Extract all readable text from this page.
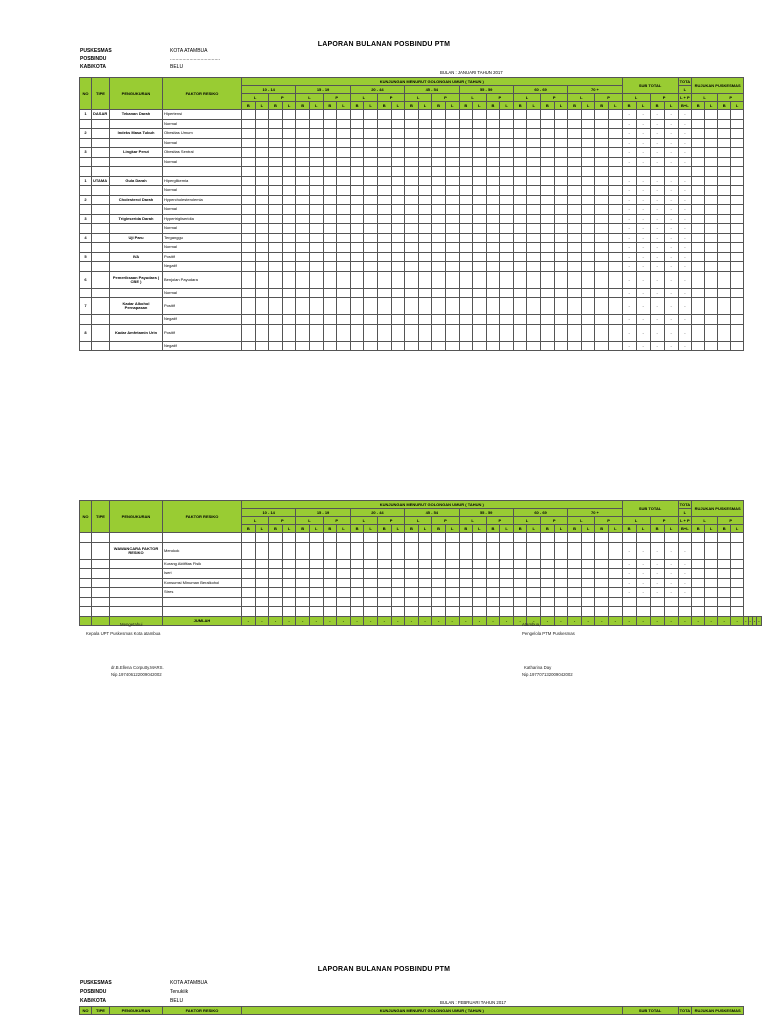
LAPORAN BULANAN POSBINDU PTM
PUSKESMAS	KOTA ATAMBUA
POSBINDU	....................................
KAB/KOTA	BELU
BULAN : JANUARI TAHUN 2017
NO	TIPE	PENGUKURAN	FAKTOR RESIKO	KUNJUNGAN MENURUT GOLONGAN UMUR ( TAHUN )																												SUB TOTAL				TOTA	RUJUKAN PUSKESMAS			
				10 - 14				15 - 19				20 - 44				45 - 54				55 - 59				60 - 69				70 +								L				
				L		P		L		P		L		P		L		P		L		P		L		P		L		P		L		P		L + P	L		P	
				B	L	B	L	B	L	B	L	B	L	B	L	B	L	B	L	B	L	B	L	B	L	B	L	B	L	B	L	B	L	B	L	B+L	B	L	B	L
1	DASAR	Tekanan Darah	Hipertensi																													-	-	-	-	-				
			Normal																													-	-	-	-	-				
2		Indeks Masa Tubuh	Obesitas Umum																													-	-	-	-	-				
			Normal																													-	-	-	-	-				
3		Lingkar Perut	Obesitas Sentral																													-	-	-	-	-				
			Normal																													-	-	-	-	-				

1	UTAMA	Gula Darah	Hiperglikemia																													-	-	-	-	-				
			Normal																													-	-	-	-	-				
2		Cholesterol Darah	Hypercholesterolemia																													-	-	-	-	-				
			Normal																													-	-	-	-	-				
3		Trigleserida Darah	Hypertrigliseridia																													-	-	-	-	-				
			Normal																													-	-	-	-	-				
4		Uji Paru	Terganggu																													-	-	-	-	-				
			Normal																													-	-	-	-	-				
5		IVA	Positif																													-	-	-	-	-				
			Negatif																													-	-	-	-	-				
6		Pemeriksaan Payudara ( CBE )	Benjolan Payudara																													-	-	-	-	-				
			Normal																													-	-	-	-	-				
7		Kadar Alkohol Pernapasan	Positif																													-	-	-	-	-				
			Negatif																													-	-	-	-	-				
8		Kadar Amfetamin Urin	Positif																													-	-	-	-	-				
			Negatif																													-	-	-	-	-				
NO	TIPE	PENGUKURAN	FAKTOR RESIKO	KUNJUNGAN MENURUT GOLONGAN UMUR ( TAHUN )																												SUB TOTAL				TOTA	RUJUKAN PUSKESMAS							
				10 - 14				15 - 19				20 - 44				45 - 54				55 - 59				60 - 69				70 +								L								
				L		P		L		P		L		P		L		P		L		P		L		P		L		P		L		P		L + P	L		P					
				B	L	B	L	B	L	B	L	B	L	B	L	B	L	B	L	B	L	B	L	B	L	B	L	B	L	B	L	B	L	B	L	B+L	B	L	B	L				

		WAWANCARA FAKTOR RESIKO	Merokok																													-	-	-	-	-								
			Kurang Aktifitas Fisik																													-	-	-	-	-								
			Iseri																													-	-	-	-	-								
			Konsumsi Minuman Beralkohol																													-	-	-	-	-								
			Stres																													-	-	-	-	-								

			JUMLAH	-	-	-	-	-	-	-	-	-	-	-	-	-	-	-	-	-	-	-	-	-	-	-	-	-	-	-	-	-	-	-	-	-	-	-	-	-	-	-	-	-
Mengetahui
Kepala UPT Puskesmas Kota atambua
dr.B.Ellena Corputty.MARS.
Nip.197406122009042002
Atambua, ............
Pengelola PTM Puskesmas
Katharina Day
Nip.197707132009042002
LAPORAN BULANAN POSBINDU PTM
PUSKESMAS	KOTA ATAMBUA
POSBINDU	Tenukiik
KAB/KOTA	BELU	BULAN : FEBRUARI TAHUN 2017
NO	TIPE	PENGUKURAN	FAKTOR RESIKO	KUNJUNGAN MENURUT GOLONGAN UMUR ( TAHUN )	SUB TOTAL	TOTA	RUJUKAN PUSKESMAS
